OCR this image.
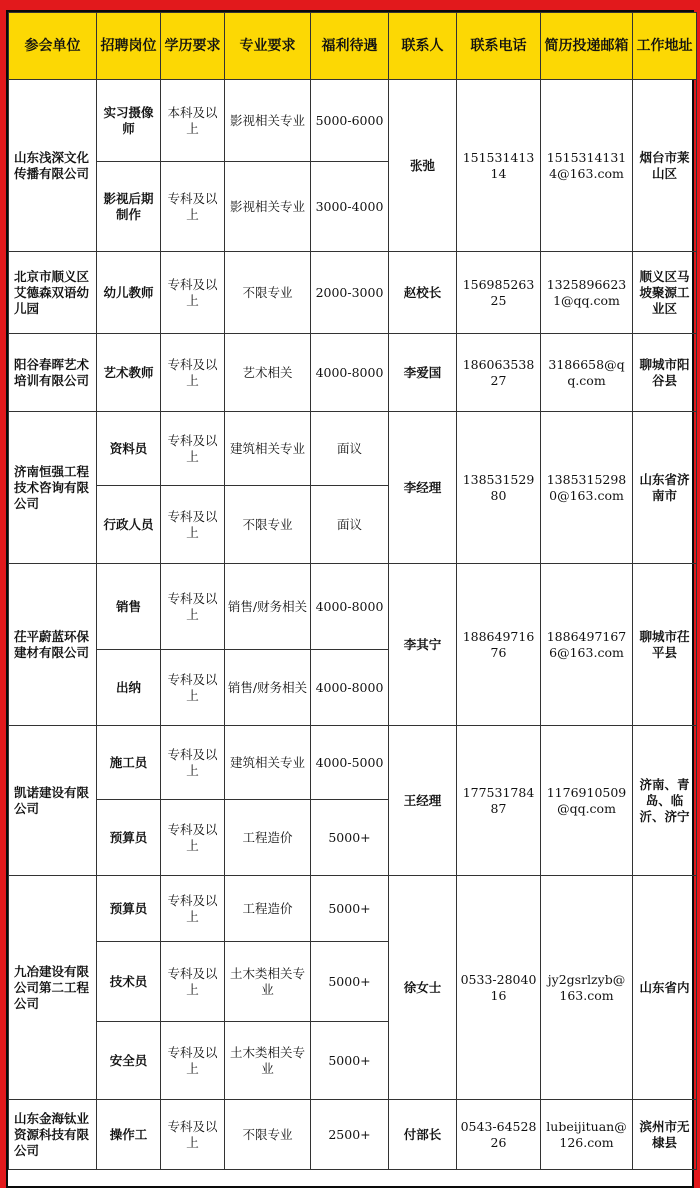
参会单位	招聘岗位	学历要求	专业要求	福利待遇	联系人	联系电话	简历投递邮箱	工作地址
山东浅深文化传播有限公司	实习摄像师	本科及以上	影视相关专业	5000-6000	张弛	15153141314	15153141314@163.com	烟台市莱山区
	影视后期制作	专科及以上	影视相关专业	3000-4000				
北京市顺义区艾德森双语幼儿园	幼儿教师	专科及以上	不限专业	2000-3000	赵校长	15698526325	13258966231@qq.com	顺义区马坡聚源工业区
阳谷春晖艺术培训有限公司	艺术教师	专科及以上	艺术相关	4000-8000	李爱国	18606353827	3186658@qq.com	聊城市阳谷县
济南恒强工程技术咨询有限公司	资料员	专科及以上	建筑相关专业	面议	李经理	13853152980	13853152980@163.com	山东省济南市
	行政人员	专科及以上	不限专业	面议				
茌平蔚蓝环保建材有限公司	销售	专科及以上	销售/财务相关	4000-8000	李其宁	18864971676	18864971676@163.com	聊城市茌平县
	出纳	专科及以上	销售/财务相关	4000-8000				
凯诺建设有限公司	施工员	专科及以上	建筑相关专业	4000-5000	王经理	17753178487	1176910509@qq.com	济南、青岛、临沂、济宁
	预算员	专科及以上	工程造价	5000+				
九冶建设有限公司第二工程公司	预算员	专科及以上	工程造价	5000+	徐女士	0533-2804016	jy2gsrlzyb@163.com	山东省内
	技术员	专科及以上	土木类相关专业	5000+				
	安全员	专科及以上	土木类相关专业	5000+				
山东金海钛业资源科技有限公司	操作工	专科及以上	不限专业	2500+	付部长	0543-6452826	lubeijituan@126.com	滨州市无棣县
